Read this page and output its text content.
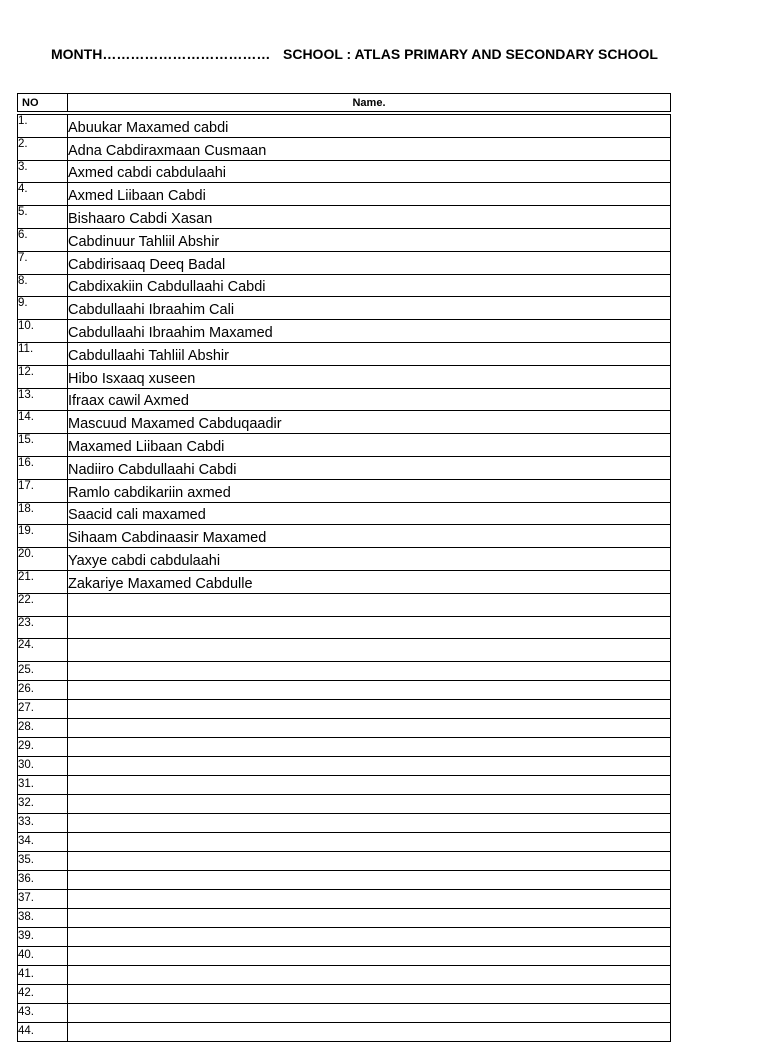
MONTH……………………………… SCHOOL : ATLAS PRIMARY AND SECONDARY SCHOOL
NO	Name.
1.	Abuukar Maxamed cabdi
2.	Adna Cabdiraxmaan Cusmaan
3.	Axmed cabdi cabdulaahi
4.	Axmed Liibaan Cabdi
5.	Bishaaro Cabdi Xasan
6.	Cabdinuur Tahliil Abshir
7.	Cabdirisaaq Deeq Badal
8.	Cabdixakiin Cabdullaahi Cabdi
9.	Cabdullaahi Ibraahim Cali
10.	Cabdullaahi Ibraahim Maxamed
11.	Cabdullaahi Tahliil Abshir
12.	Hibo Isxaaq xuseen
13.	Ifraax cawil Axmed
14.	Mascuud Maxamed Cabduqaadir
15.	Maxamed Liibaan Cabdi
16.	Nadiiro Cabdullaahi Cabdi
17.	Ramlo cabdikariin axmed
18.	Saacid cali maxamed
19.	Sihaam Cabdinaasir Maxamed
20.	Yaxye cabdi cabdulaahi
21.	Zakariye Maxamed Cabdulle
22.	
23.	
24.	
25.	
26.	
27.	
28.	
29.	
30.	
31.	
32.	
33.	
34.	
35.	
36.	
37.	
38.	
39.	
40.	
41.	
42.	
43.	
44.	
